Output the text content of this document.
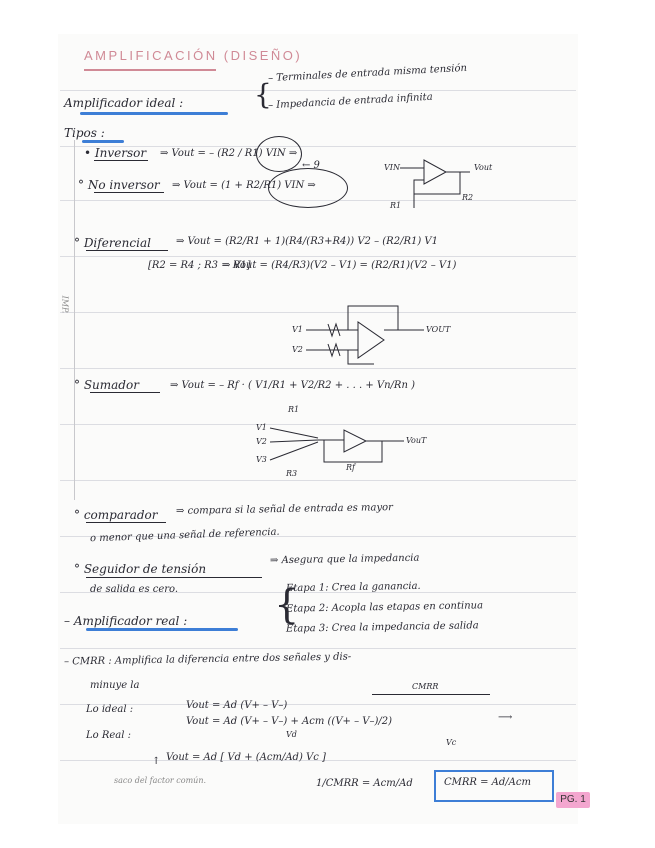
IMP.
AMPLIFICACIÓN (DISEÑO)
Amplificador ideal :
– Terminales de entrada misma tensión
– Impedancia de entrada infinita
{
Tipos :
• Inversor ⇒ Vout = – (R2 / R1) VIN ⇒
← 9	VIN	Vout
R2
R1
° No inversor ⇒ Vout = (1 + R2/R1) VIN ⇒
° Diferencial	⇒ Vout = (R2/R1 + 1)(R4/(R3+R4)) V2 – (R2/R1) V1
[R2 = R4 ; R3 = R1]
⇒ Vout = (R4/R3)(V2 – V1) = (R2/R1)(V2 – V1)
V1
V2
VOUT
° Sumador	⇒ Vout = – Rf · ( V1/R1 + V2/R2 + . . . + Vn/Rn )
R1
V1
V2
V3
VouT
Rf
R3
° comparador ⇒ compara si la señal de entrada es mayor
o menor que una señal de referencia.
° Seguidor de tensión
⇒ Asegura que la impedancia
de salida es cero.
– Amplificador real : {
Etapa 1: Crea la ganancia.
Etapa 2: Acopla las etapas en continua
Etapa 3: Crea la impedancia de salida
– CMRR : Amplifica la diferencia entre dos señales y dis-
minuye la	CMRR
Lo ideal :	Vout = Ad (V+ – V–)
Lo Real :
Vout = Ad (V+ – V–) + Acm ((V+ – V–)/2)
Vd
Vc
⟶
Vout = Ad [ Vd + (Acm/Ad) Vc ]
saco del factor común.
↑
1/CMRR = Acm/Ad	CMRR = Ad/Acm
PG. 1
